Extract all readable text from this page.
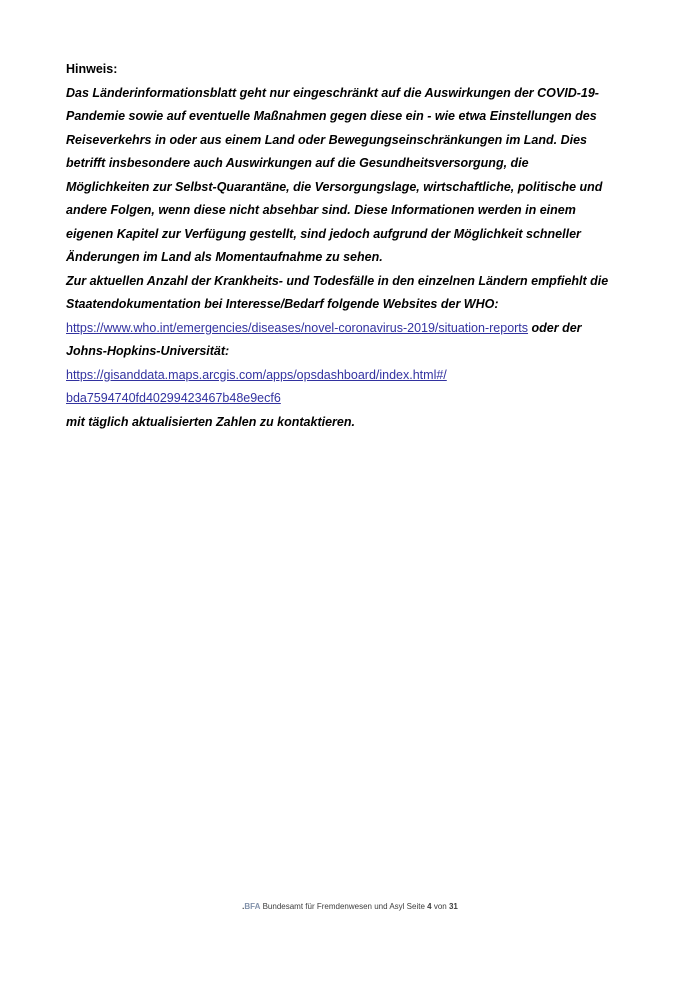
Hinweis:
Das Länderinformationsblatt geht nur eingeschränkt auf die Auswirkungen der COVID-19-
Pandemie sowie auf eventuelle Maßnahmen gegen diese ein - wie etwa Einstellungen des
Reiseverkehrs in oder aus einem Land oder Bewegungseinschränkungen im Land. Dies
betrifft insbesondere auch Auswirkungen auf die Gesundheitsversorgung, die
Möglichkeiten zur Selbst-Quarantäne, die Versorgungslage, wirtschaftliche, politische und
andere Folgen, wenn diese nicht absehbar sind. Diese Informationen werden in einem
eigenen Kapitel zur Verfügung gestellt, sind jedoch aufgrund der Möglichkeit schneller
Änderungen im Land als Momentaufnahme zu sehen.
Zur aktuellen Anzahl der Krankheits- und Todesfälle in den einzelnen Ländern empfiehlt die
Staatendokumentation bei Interesse/Bedarf folgende Websites der WHO:
https://www.who.int/emergencies/diseases/novel-coronavirus-2019/situation-reports oder der
Johns-Hopkins-Universität:
https://gisanddata.maps.arcgis.com/apps/opsdashboard/index.html#/
bda7594740fd40299423467b48e9ecf6
mit täglich aktualisierten Zahlen zu kontaktieren.
.BFA Bundesamt für Fremdenwesen und Asyl Seite 4 von 31
